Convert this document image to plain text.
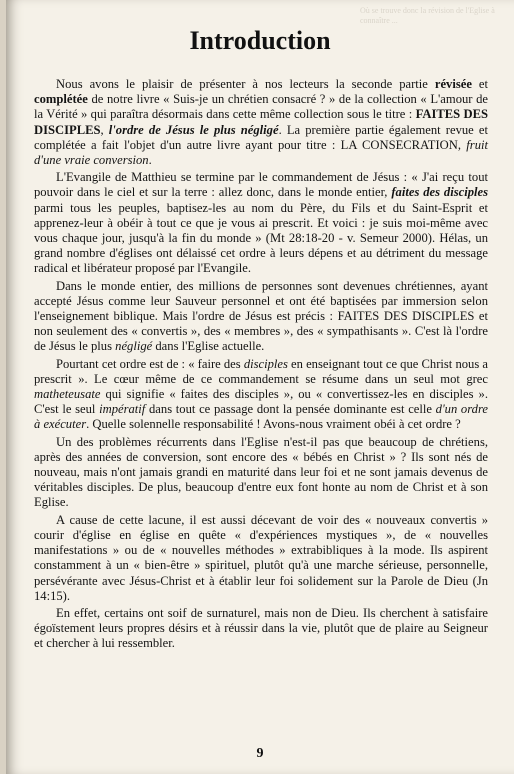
Où se trouve donc la révision de l'Eglise à connaître ...
Introduction

Nous avons le plaisir de présenter à nos lecteurs la seconde partie révisée et complétée de notre livre « Suis-je un chrétien consacré ? » de la collection « L'amour de la Vérité » qui paraîtra désormais dans cette même collection sous le titre : FAITES DES DISCIPLES, l'ordre de Jésus le plus négligé. La première partie également revue et complétée a fait l'objet d'un autre livre ayant pour titre : LA CONSECRATION, fruit d'une vraie conversion.

L'Evangile de Matthieu se termine par le commandement de Jésus : « J'ai reçu tout pouvoir dans le ciel et sur la terre : allez donc, dans le monde entier, faites des disciples parmi tous les peuples, baptisez-les au nom du Père, du Fils et du Saint-Esprit et apprenez-leur à obéir à tout ce que je vous ai prescrit. Et voici : je suis moi-même avec vous chaque jour, jusqu'à la fin du monde » (Mt 28:18-20 - v. Semeur 2000). Hélas, un grand nombre d'églises ont délaissé cet ordre à leurs dépens et au détriment du message radical et libérateur proposé par l'Evangile.

Dans le monde entier, des millions de personnes sont devenues chrétiennes, ayant accepté Jésus comme leur Sauveur personnel et ont été baptisées par immersion selon l'enseignement biblique. Mais l'ordre de Jésus est précis : FAITES DES DISCIPLES et non seulement des « convertis », des « membres », des « sympathisants ». C'est là l'ordre de Jésus le plus négligé dans l'Eglise actuelle.

Pourtant cet ordre est de : « faire des disciples en enseignant tout ce que Christ nous a prescrit ». Le cœur même de ce commandement se résume dans un seul mot grec matheteusate qui signifie « faites des disciples », ou « convertissez-les en disciples ». C'est le seul impératif dans tout ce passage dont la pensée dominante est celle d'un ordre à exécuter. Quelle solennelle responsabilité ! Avons-nous vraiment obéi à cet ordre ?

Un des problèmes récurrents dans l'Eglise n'est-il pas que beaucoup de chrétiens, après des années de conversion, sont encore des « bébés en Christ » ? Ils sont nés de nouveau, mais n'ont jamais grandi en maturité dans leur foi et ne sont jamais devenus de véritables disciples. De plus, beaucoup d'entre eux font honte au nom de Christ et à son Eglise.

A cause de cette lacune, il est aussi décevant de voir des « nouveaux convertis » courir d'église en église en quête « d'expériences mystiques », de « nouvelles manifestations » ou de « nouvelles méthodes » extrabibliques à la mode. Ils aspirent constamment à un « bien-être » spirituel, plutôt qu'à une marche sérieuse, personnelle, persévérante avec Jésus-Christ et à établir leur foi solidement sur la Parole de Dieu (Jn 14:15).

En effet, certains ont soif de surnaturel, mais non de Dieu. Ils cherchent à satisfaire égoïstement leurs propres désirs et à réussir dans la vie, plutôt que de plaire au Seigneur et chercher à lui ressembler.

9
